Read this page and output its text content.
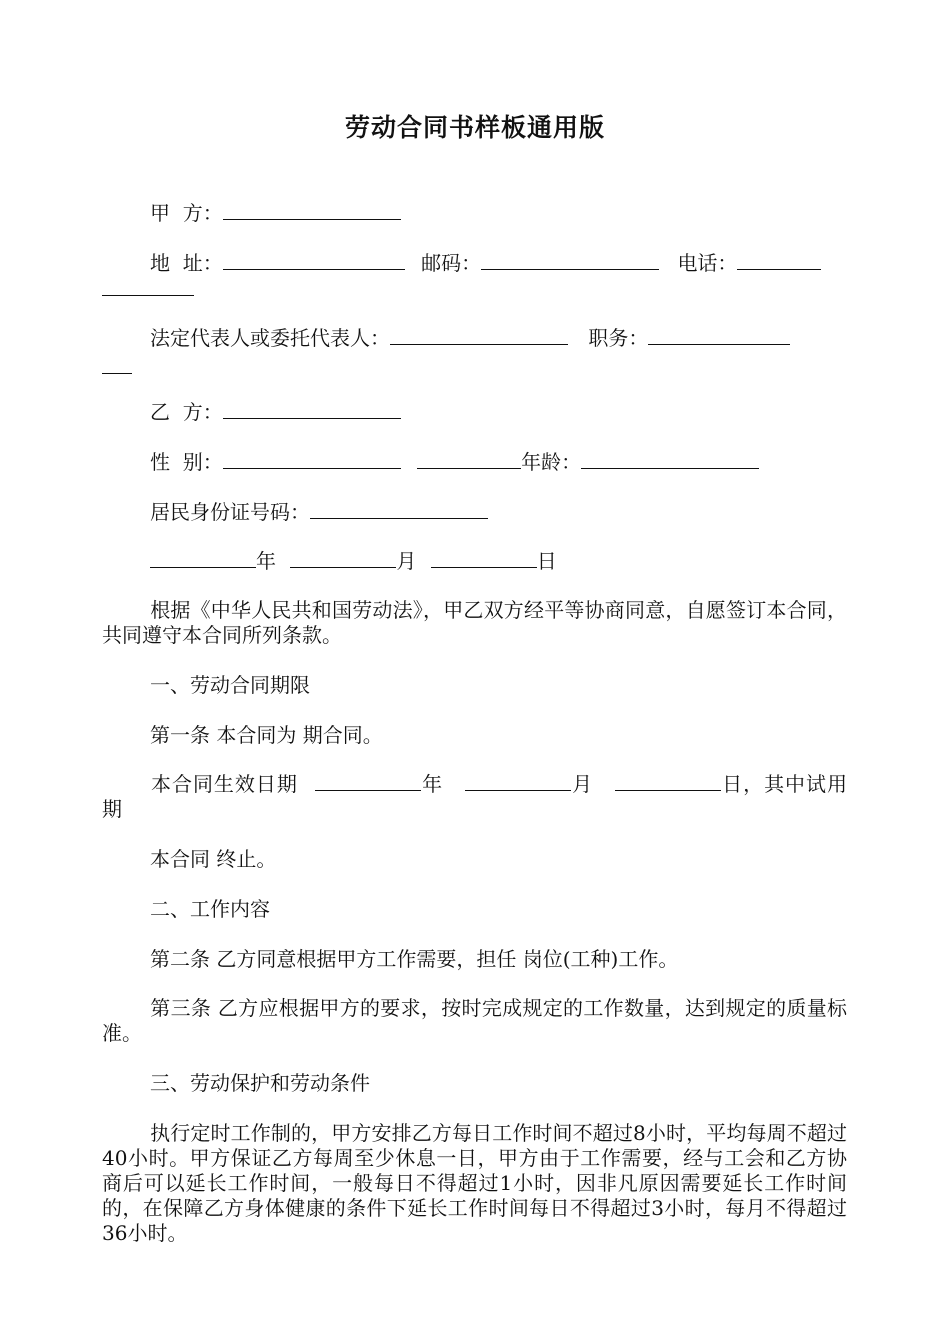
劳动合同书样板通用版
甲  方：
地  址：	邮码：	电话：
法定代表人或委托代表人：	职务：
乙  方：
性  别：	年龄：
居民身份证号码：
年	月	日
根据《中华人民共和国劳动法》，甲乙双方经平等协商同意，自愿签订本合同，共同遵守本合同所列条款。
一、劳动合同期限
第一条 本合同为 期合同。
本合同生效日期	年	月	日，其中试用期
本合同 终止。
二、工作内容
第二条 乙方同意根据甲方工作需要，担任 岗位(工种)工作。
第三条 乙方应根据甲方的要求，按时完成规定的工作数量，达到规定的质量标准。
三、劳动保护和劳动条件
执行定时工作制的，甲方安排乙方每日工作时间不超过8小时，平均每周不超过40小时。甲方保证乙方每周至少休息一日，甲方由于工作需要，经与工会和乙方协商后可以延长工作时间，一般每日不得超过1小时，因非凡原因需要延长工作时间的，在保障乙方身体健康的条件下延长工作时间每日不得超过3小时，每月不得超过36小时。
